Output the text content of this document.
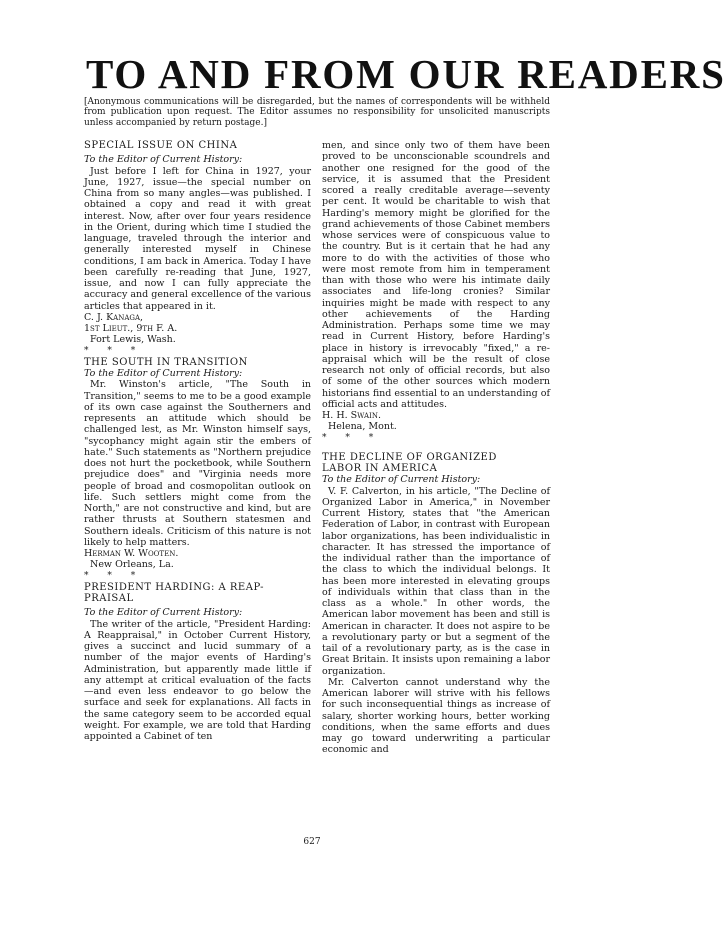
TO AND FROM OUR READERS

[Anonymous communications will be disregarded, but the names of correspondents will be withheld from publication upon request. The Editor assumes no responsibility for unsolicited manuscripts unless accompanied by return postage.]

SPECIAL ISSUE ON CHINA

To the Editor of Current History:

Just before I left for China in 1927, your June, 1927, issue—the special number on China from so many angles—was published. I obtained a copy and read it with great interest. Now, after over four years residence in the Orient, during which time I studied the language, traveled through the interior and generally interested myself in Chinese conditions, I am back in America. Today I have been carefully re-reading that June, 1927, issue, and now I can fully appreciate the accuracy and general excellence of the various articles that appeared in it.

C. J. Kanaga,

1st Lieut., 9th F. A.

Fort Lewis, Wash.

* * *

THE SOUTH IN TRANSITION

To the Editor of Current History:

Mr. Winston's article, "The South in Transition," seems to me to be a good example of its own case against the Southerners and represents an attitude which should be challenged lest, as Mr. Winston himself says, "sycophancy might again stir the embers of hate." Such statements as "Northern prejudice does not hurt the pocketbook, while Southern prejudice does" and "Virginia needs more people of broad and cosmopolitan outlook on life. Such settlers might come from the North," are not constructive and kind, but are rather thrusts at Southern statesmen and Southern ideals. Criticism of this nature is not likely to help matters.

Herman W. Wooten.

New Orleans, La.

* * *

PRESIDENT HARDING: A REAP-

PRAISAL

To the Editor of Current History:

The writer of the article, "President Harding: A Reappraisal," in October Current History, gives a succinct and lucid summary of a number of the major events of Harding's Administration, but apparently made little if any attempt at critical evaluation of the facts—and even less endeavor to go below the surface and seek for explanations. All facts in the same category seem to be accorded equal weight. For example, we are told that Harding appointed a Cabinet of ten

men, and since only two of them have been proved to be unconscionable scoundrels and another one resigned for the good of the service, it is assumed that the President scored a really creditable average—seventy per cent. It would be charitable to wish that Harding's memory might be glorified for the grand achievements of those Cabinet members whose services were of conspicuous value to the country. But is it certain that he had any more to do with the activities of those who were most remote from him in temperament than with those who were his intimate daily associates and life-long cronies? Similar inquiries might be made with respect to any other achievements of the Harding Administration. Perhaps some time we may read in Current History, before Harding's place in history is irrevocably "fixed," a re-appraisal which will be the result of close research not only of official records, but also of some of the other sources which modern historians find essential to an understanding of official acts and attitudes.

H. H. Swain.

Helena, Mont.

* * *

THE DECLINE OF ORGANIZED

LABOR IN AMERICA

To the Editor of Current History:

V. F. Calverton, in his article, "The Decline of Organized Labor in America," in November Current History, states that "the American Federation of Labor, in contrast with European labor organizations, has been individualistic in character. It has stressed the importance of the individual rather than the importance of the class to which the individual belongs. It has been more interested in elevating groups of individuals within that class than in the class as a whole." In other words, the American labor movement has been and still is American in character. It does not aspire to be a revolutionary party or but a segment of the tail of a revolutionary party, as is the case in Great Britain. It insists upon remaining a labor organization.

Mr. Calverton cannot understand why the American laborer will strive with his fellows for such inconsequential things as increase of salary, shorter working hours, better working conditions, when the same efforts and dues may go toward underwriting a particular economic and

627
